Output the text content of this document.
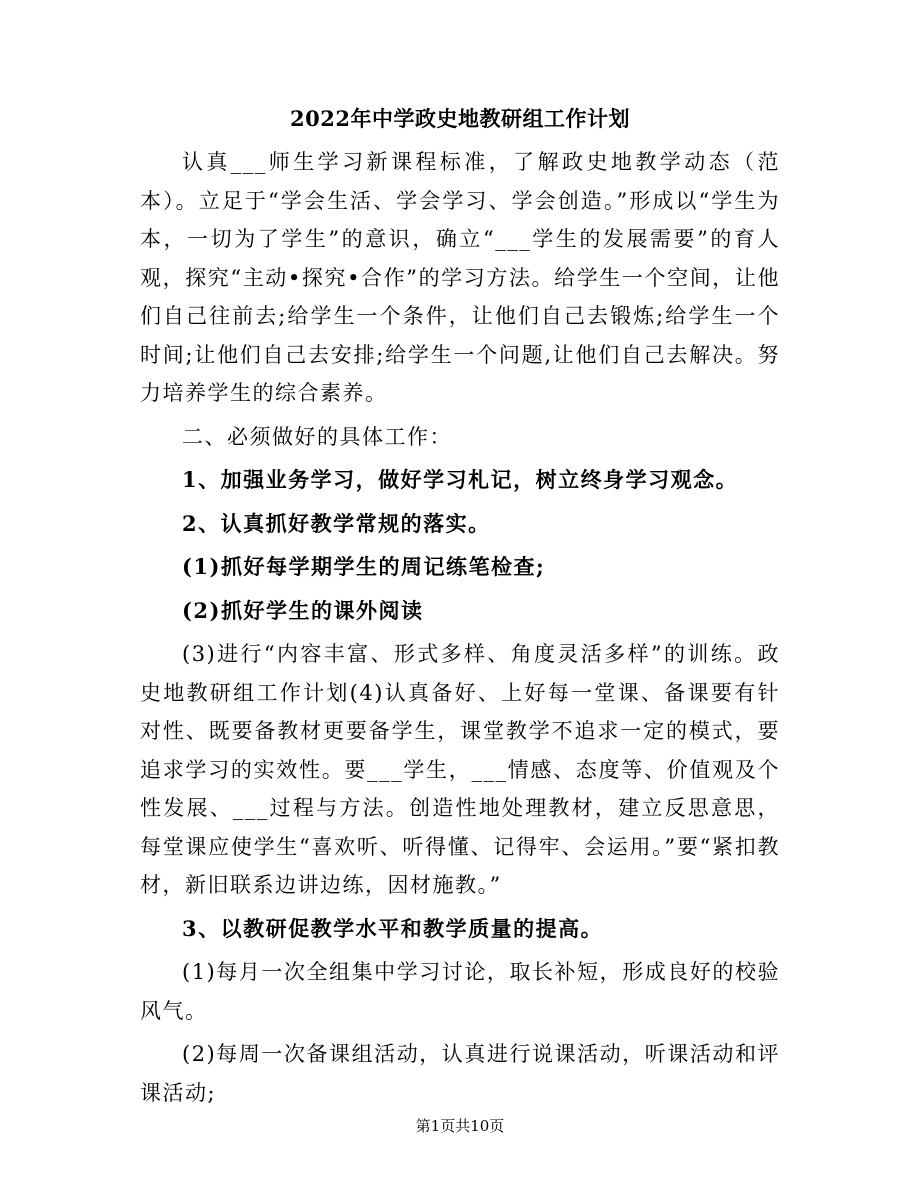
2022年中学政史地教研组工作计划

认真___师生学习新课程标准，了解政史地教学动态（范本）。立足于“学会生活、学会学习、学会创造。”形成以“学生为本，一切为了学生”的意识，确立“___学生的发展需要”的育人观，探究“主动•探究•合作”的学习方法。给学生一个空间，让他们自己往前去;给学生一个条件，让他们自己去锻炼;给学生一个时间;让他们自己去安排;给学生一个问题,让他们自己去解决。努力培养学生的综合素养。

二、必须做好的具体工作：

1、加强业务学习，做好学习札记，树立终身学习观念。

2、认真抓好教学常规的落实。

(1)抓好每学期学生的周记练笔检查;

(2)抓好学生的课外阅读

(3)进行“内容丰富、形式多样、角度灵活多样”的训练。政史地教研组工作计划(4)认真备好、上好每一堂课、备课要有针对性、既要备教材更要备学生，课堂教学不追求一定的模式，要追求学习的实效性。要___学生，___情感、态度等、价值观及个性发展、___过程与方法。创造性地处理教材，建立反思意思，每堂课应使学生“喜欢听、听得懂、记得牢、会运用。”要“紧扣教材，新旧联系边讲边练，因材施教。”

3、以教研促教学水平和教学质量的提高。

(1)每月一次全组集中学习讨论，取长补短，形成良好的校验风气。

(2)每周一次备课组活动，认真进行说课活动，听课活动和评课活动;

第1页共10页
